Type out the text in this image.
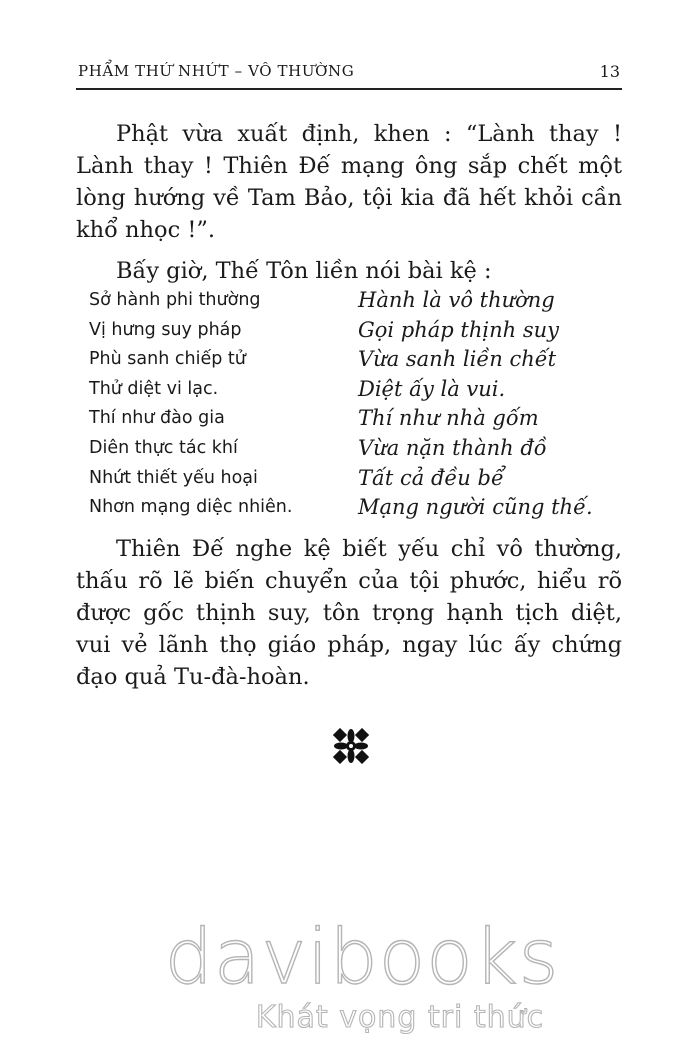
PHẨM THỨ NHỨT – VÔ THƯỜNG	13

Phật vừa xuất định, khen : “Lành thay ! Lành thay ! Thiên Đế mạng ông sắp chết một lòng hướng về Tam Bảo, tội kia đã hết khỏi cần khổ nhọc !”.

Bấy giờ, Thế Tôn liền nói bài kệ :

Sở hành phi thường	Hành là vô thường
Vị hưng suy pháp	Gọi pháp thịnh suy
Phù sanh chiếp tử	Vừa sanh liền chết
Thử diệt vi lạc.	Diệt ấy là vui.
Thí như đào gia	Thí như nhà gốm
Diên thực tác khí	Vừa nặn thành đồ
Nhứt thiết yếu hoại	Tất cả đều bể
Nhơn mạng diệc nhiên.	Mạng người cũng thế.

Thiên Đế nghe kệ biết yếu chỉ vô thường, thấu rõ lẽ biến chuyển của tội phước, hiểu rõ được gốc thịnh suy, tôn trọng hạnh tịch diệt, vui vẻ lãnh thọ giáo pháp, ngay lúc ấy chứng đạo quả Tu-đà-hoàn.

davibooks
Khát vọng tri thức
